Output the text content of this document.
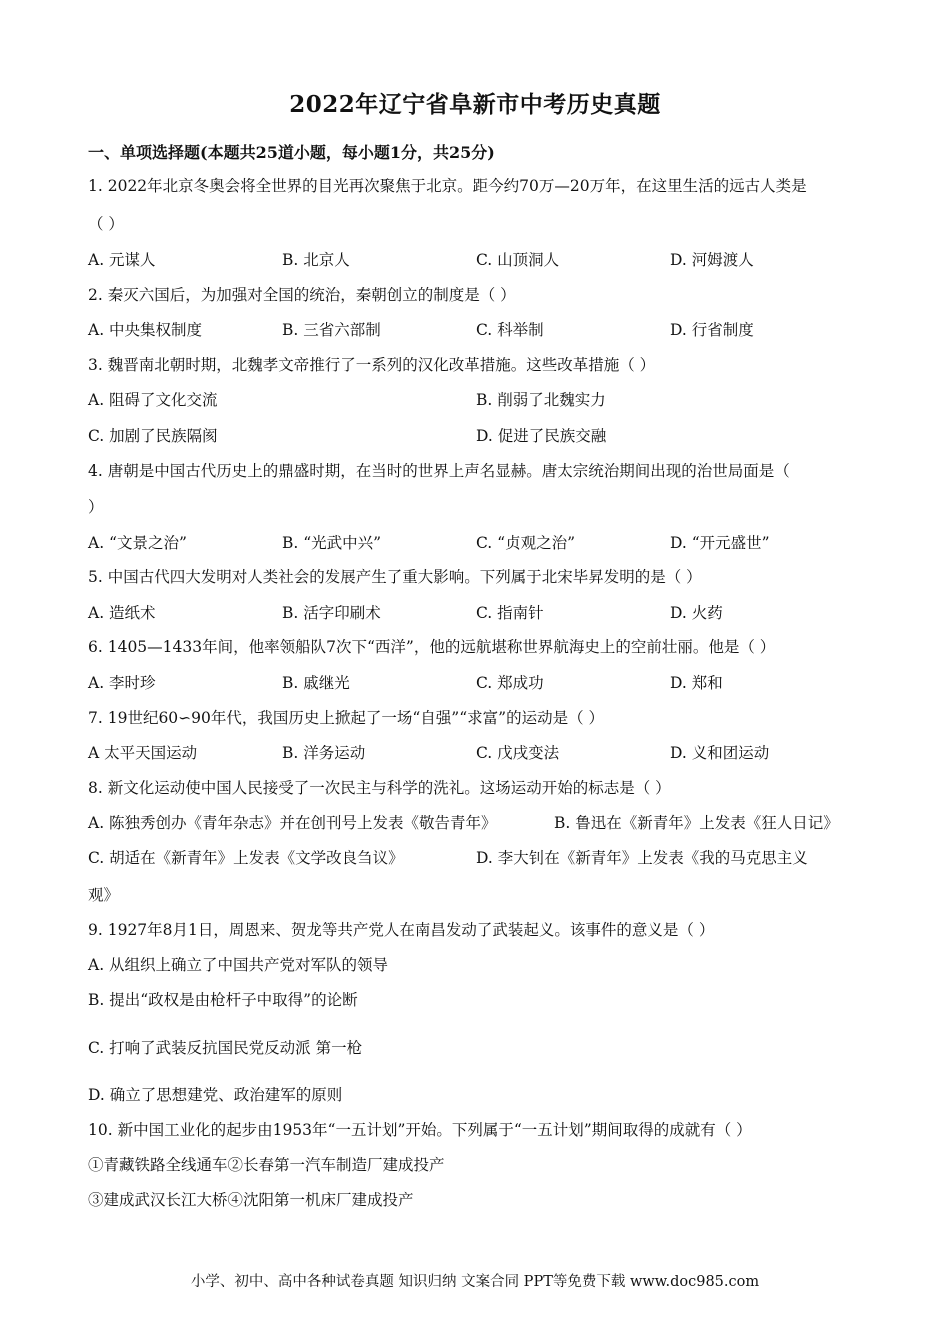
2022年辽宁省阜新市中考历史真题
一、单项选择题(本题共25道小题，每小题1分，共25分)
1. 2022年北京冬奥会将全世界的目光再次聚焦于北京。距今约70万—20万年，在这里生活的远古人类是
（ ）
A. 元谋人	B. 北京人	C. 山顶洞人	D. 河姆渡人
2. 秦灭六国后，为加强对全国的统治，秦朝创立的制度是（ ）
A. 中央集权制度	B. 三省六部制	C. 科举制	D. 行省制度
3. 魏晋南北朝时期，北魏孝文帝推行了一系列的汉化改革措施。这些改革措施（ ）
A. 阻碍了文化交流	B. 削弱了北魏实力
C. 加剧了民族隔阂	D. 促进了民族交融
4. 唐朝是中国古代历史上的鼎盛时期，在当时的世界上声名显赫。唐太宗统治期间出现的治世局面是（
）
A. “文景之治”	B. “光武中兴”	C. “贞观之治”	D. “开元盛世”
5. 中国古代四大发明对人类社会的发展产生了重大影响。下列属于北宋毕昇发明的是（ ）
A. 造纸术	B. 活字印刷术	C. 指南针	D. 火药
6. 1405—1433年间，他率领船队7次下“西洋”，他的远航堪称世界航海史上的空前壮丽。他是（ ）
A. 李时珍	B. 戚继光	C. 郑成功	D. 郑和
7. 19世纪60∽90年代，我国历史上掀起了一场“自强”“求富”的运动是（ ）
A 太平天国运动	B. 洋务运动	C. 戊戌变法	D. 义和团运动
8. 新文化运动使中国人民接受了一次民主与科学的洗礼。这场运动开始的标志是（ ）
A. 陈独秀创办《青年杂志》并在创刊号上发表《敬告青年》	B. 鲁迅在《新青年》上发表《狂人日记》
C. 胡适在《新青年》上发表《文学改良刍议》	D. 李大钊在《新青年》上发表《我的马克思主义
观》
9. 1927年8月1日，周恩来、贺龙等共产党人在南昌发动了武装起义。该事件的意义是（ ）
A. 从组织上确立了中国共产党对军队的领导
B. 提出“政权是由枪杆子中取得”的论断
C. 打响了武装反抗国民党反动派 第一枪
D. 确立了思想建党、政治建军的原则
10. 新中国工业化的起步由1953年“一五计划”开始。下列属于“一五计划”期间取得的成就有（ ）
①青藏铁路全线通车②长春第一汽车制造厂建成投产
③建成武汉长江大桥④沈阳第一机床厂建成投产
小学、初中、高中各种试卷真题 知识归纳 文案合同 PPT等免费下载 www.doc985.com
